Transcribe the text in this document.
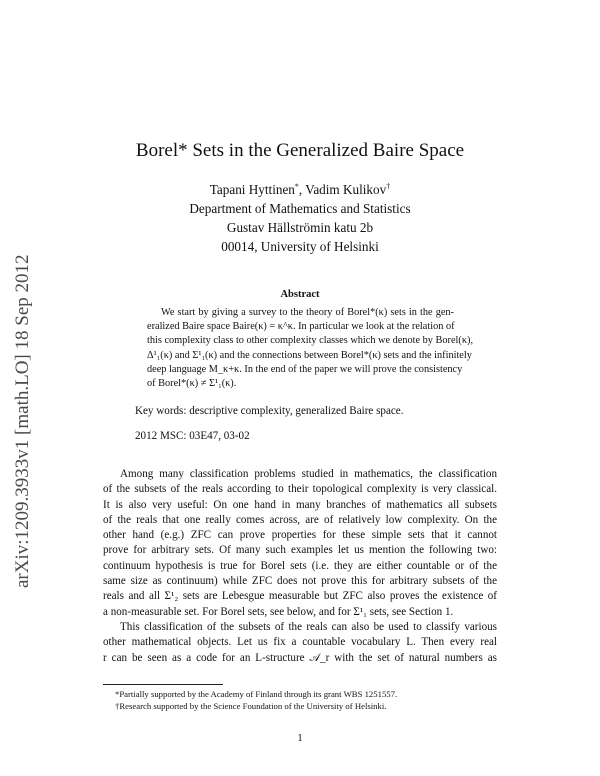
arXiv:1209.3933v1 [math.LO] 18 Sep 2012
Borel* Sets in the Generalized Baire Space
Tapani Hyttinen*, Vadim Kulikov†
Department of Mathematics and Statistics
Gustav Hällströmin katu 2b
00014, University of Helsinki
Abstract
We start by giving a survey to the theory of Borel*(κ) sets in the gen-
eralized Baire space Baire(κ) = κ^κ. In particular we look at the relation of
this complexity class to other complexity classes which we denote by Borel(κ),
Δ¹₁(κ) and Σ¹₁(κ) and the connections between Borel*(κ) sets and the infinitely
deep language M_κ+κ. In the end of the paper we will prove the consistency
of Borel*(κ) ≠ Σ¹₁(κ).
Key words: descriptive complexity, generalized Baire space.
2012 MSC: 03E47, 03-02
Among many classification problems studied in mathematics, the classification
of the subsets of the reals according to their topological complexity is very classical.
It is also very useful: On one hand in many branches of mathematics all subsets
of the reals that one really comes across, are of relatively low complexity. On the
other hand (e.g.) ZFC can prove properties for these simple sets that it cannot
prove for arbitrary sets. Of many such examples let us mention the following two:
continuum hypothesis is true for Borel sets (i.e. they are either countable or of the
same size as continuum) while ZFC does not prove this for arbitrary subsets of the
reals and all Σ¹₂ sets are Lebesgue measurable but ZFC also proves the existence of
a non-measurable set. For Borel sets, see below, and for Σ¹₁ sets, see Section 1.
This classification of the subsets of the reals can also be used to classify various
other mathematical objects. Let us fix a countable vocabulary L. Then every real
r can be seen as a code for an L-structure 𝒜_r with the set of natural numbers as
*Partially supported by the Academy of Finland through its grant WBS 1251557.
†Research supported by the Science Foundation of the University of Helsinki.
1
